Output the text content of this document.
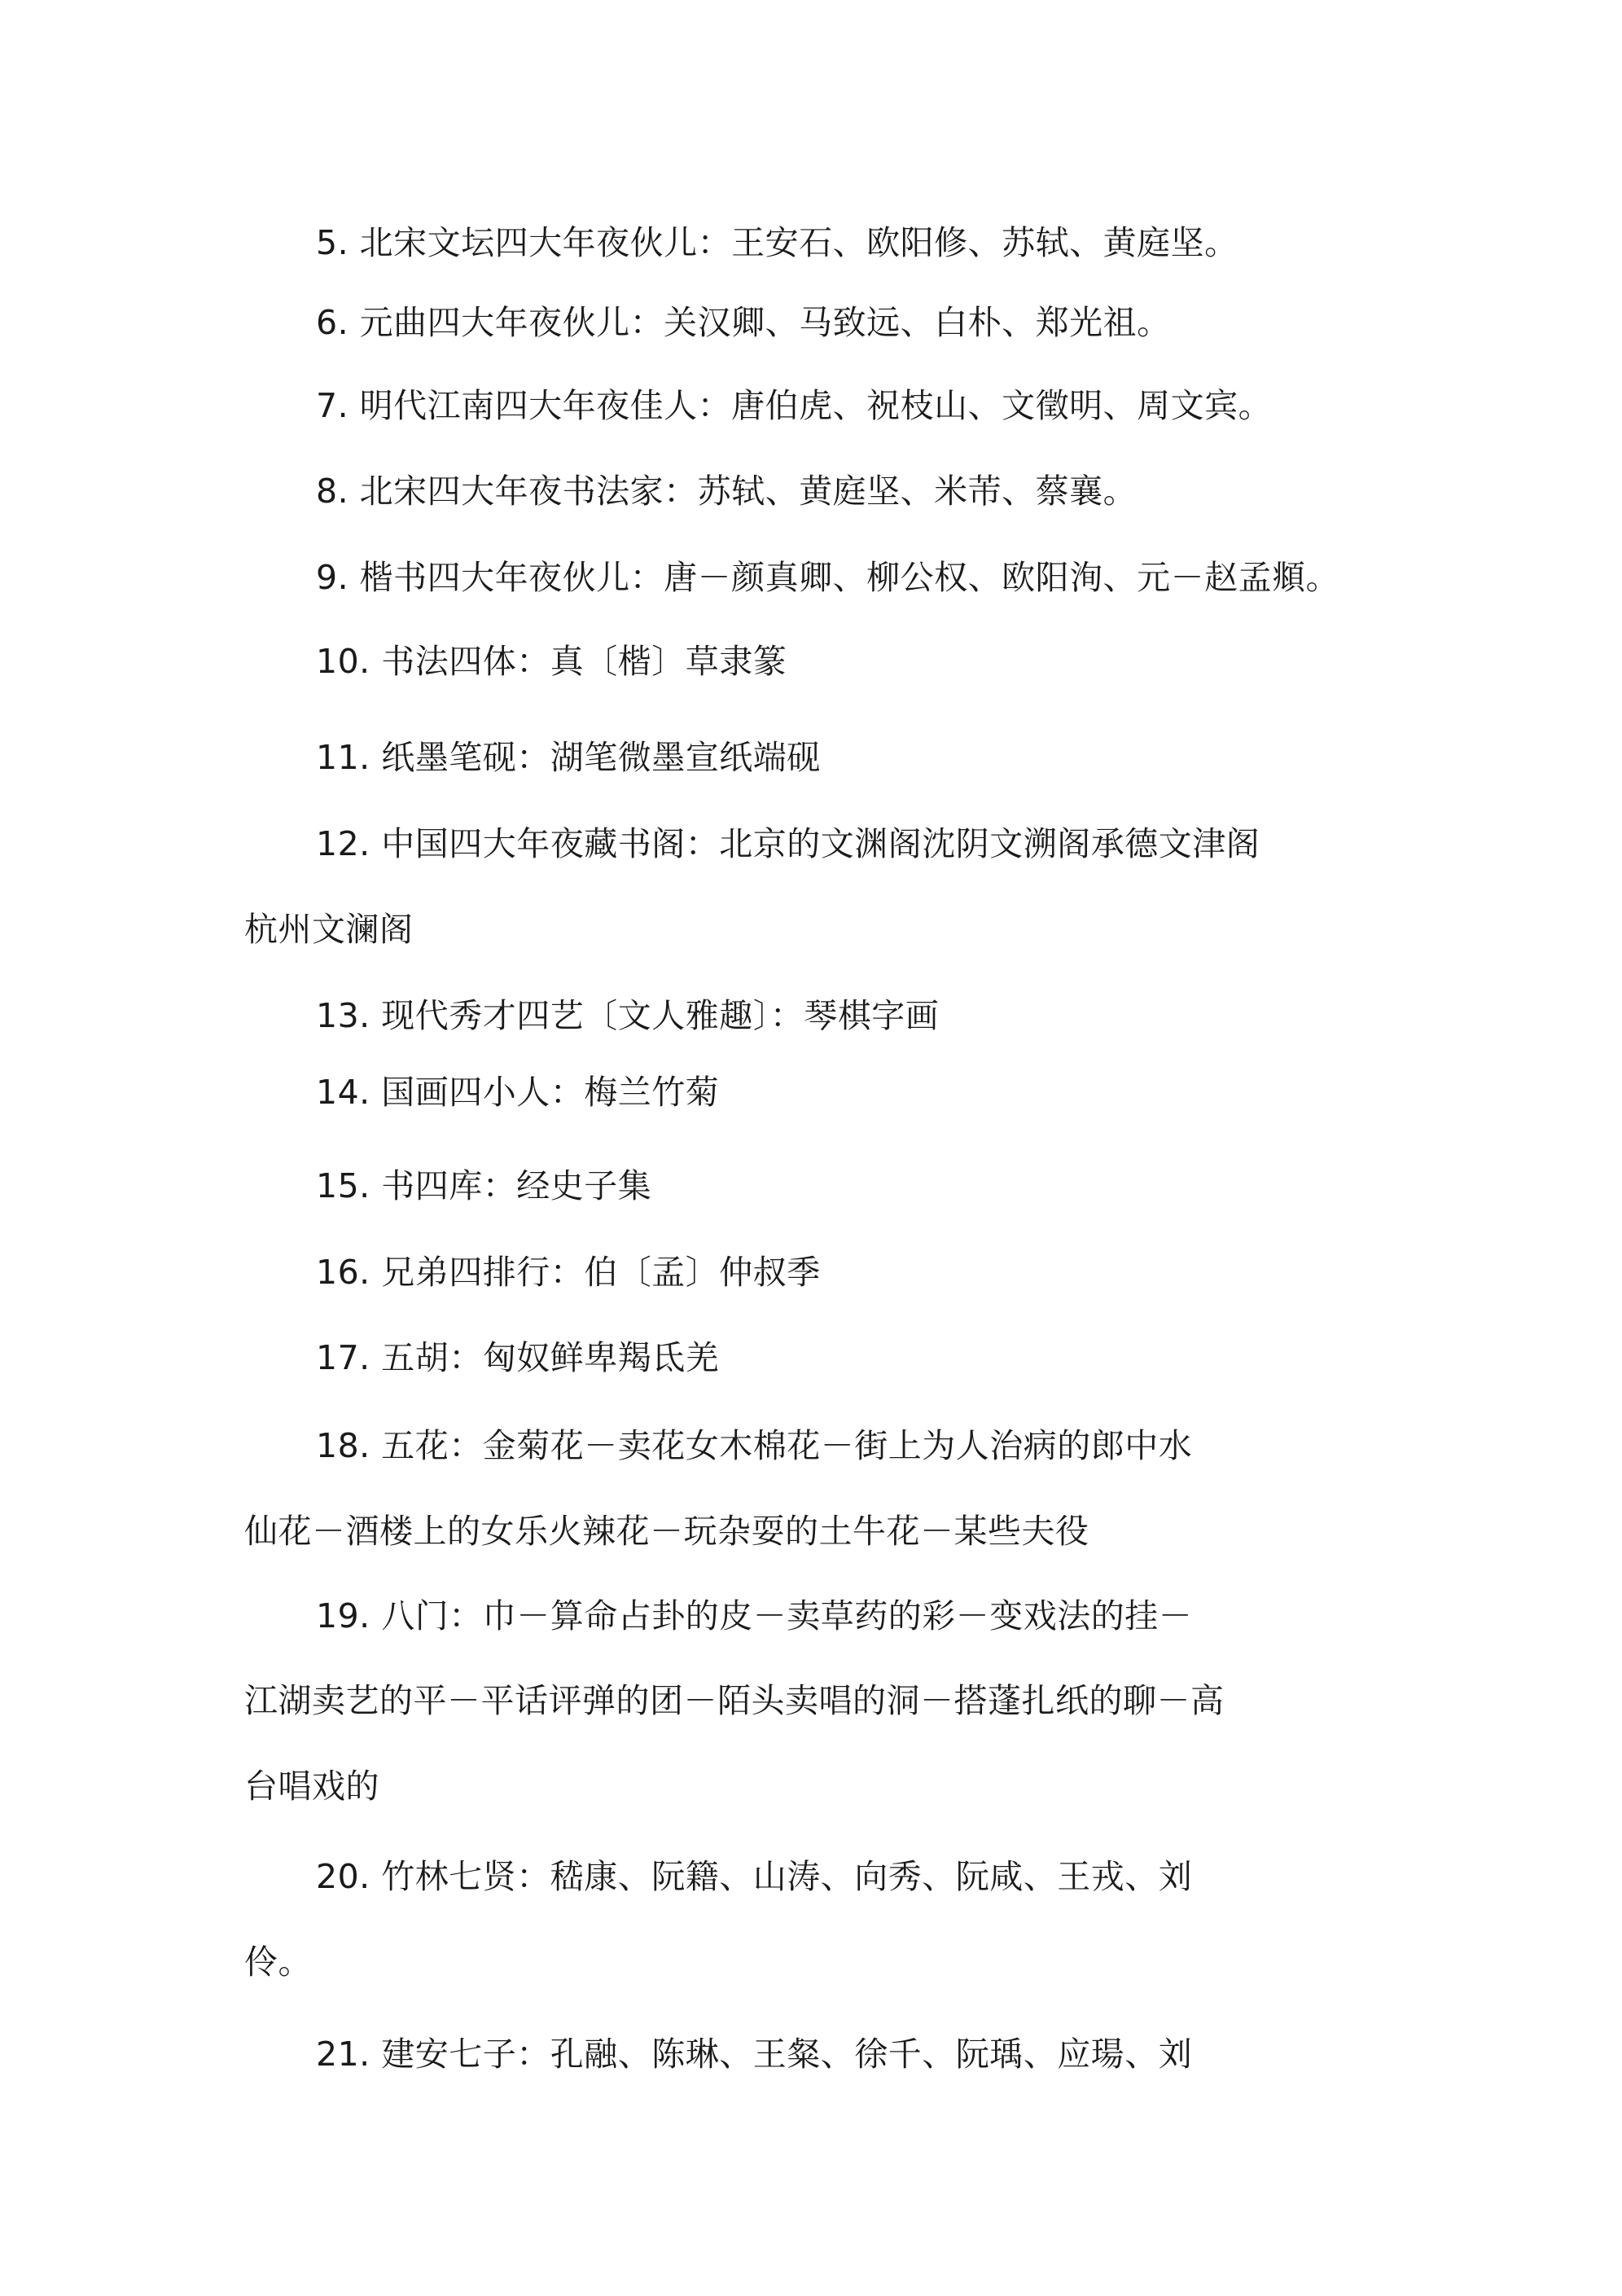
5. 北宋文坛四大年夜伙儿：王安石、欧阳修、苏轼、黄庭坚。
6. 元曲四大年夜伙儿：关汉卿、马致远、白朴、郑光祖。
7. 明代江南四大年夜佳人：唐伯虎、祝枝山、文徵明、周文宾。
8. 北宋四大年夜书法家：苏轼、黄庭坚、米芾、蔡襄。
9. 楷书四大年夜伙儿：唐－颜真卿、柳公权、欧阳洵、元－赵孟頫。
10. 书法四体：真〔楷〕草隶篆
11. 纸墨笔砚：湖笔微墨宣纸端砚
12. 中国四大年夜藏书阁：北京的文渊阁沈阴文溯阁承德文津阁
杭州文澜阁
13. 现代秀才四艺〔文人雅趣〕：琴棋字画
14. 国画四小人：梅兰竹菊
15. 书四库：经史子集
16. 兄弟四排行：伯〔孟〕仲叔季
17. 五胡：匈奴鲜卑羯氐羌
18. 五花：金菊花－卖花女木棉花－街上为人治病的郎中水
仙花－酒楼上的女乐火辣花－玩杂耍的土牛花－某些夫役
19. 八门：巾－算命占卦的皮－卖草药的彩－变戏法的挂－
江湖卖艺的平－平话评弹的团－陌头卖唱的洞－搭蓬扎纸的聊－高
台唱戏的
20. 竹林七贤：嵇康、阮籍、山涛、向秀、阮咸、王戎、刘
伶。
21. 建安七子：孔融、陈琳、王粲、徐千、阮瑀、应瑒、刘
